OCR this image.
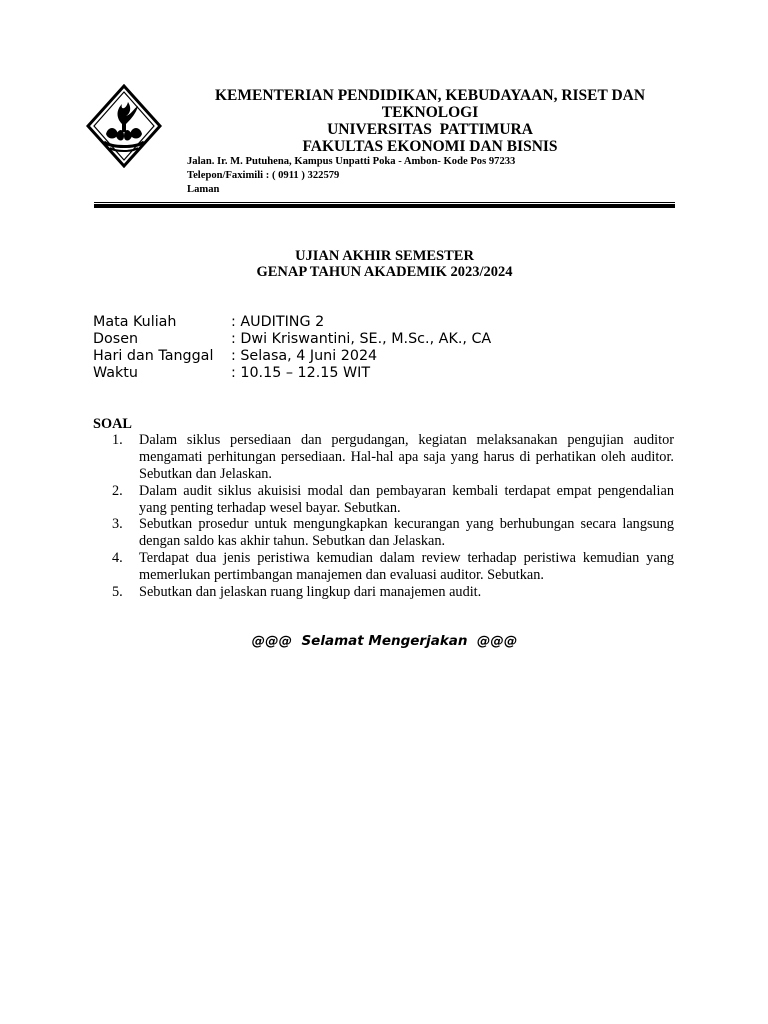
KEMENTERIAN PENDIDIKAN, KEBUDAYAAN, RISET DAN TEKNOLOGI
UNIVERSITAS  PATTIMURA
FAKULTAS EKONOMI DAN BISNIS
Jalan. Ir. M. Putuhena, Kampus Unpatti Poka - Ambon- Kode Pos 97233
Telepon/Faximili : ( 0911 ) 322579
Laman
UJIAN AKHIR SEMESTER
GENAP TAHUN AKADEMIK 2023/2024
Mata Kuliah	: AUDITING 2
Dosen	: Dwi Kriswantini, SE., M.Sc., AK., CA
Hari dan Tanggal : Selasa, 4 Juni 2024
Waktu	: 10.15 – 12.15 WIT
SOAL
1.	Dalam siklus persediaan dan pergudangan, kegiatan melaksanakan pengujian auditor mengamati perhitungan persediaan. Hal-hal apa saja yang harus di perhatikan oleh auditor. Sebutkan dan Jelaskan.
2.	Dalam audit siklus akuisisi modal dan pembayaran kembali terdapat empat pengendalian yang penting terhadap wesel bayar. Sebutkan.
3.	Sebutkan prosedur untuk mengungkapkan kecurangan yang berhubungan secara langsung dengan saldo kas akhir tahun. Sebutkan dan Jelaskan.
4.	Terdapat dua jenis peristiwa kemudian dalam review terhadap peristiwa kemudian yang memerlukan pertimbangan manajemen dan evaluasi auditor. Sebutkan.
5.	Sebutkan dan jelaskan ruang lingkup dari manajemen audit.
@@@  Selamat Mengerjakan  @@@
